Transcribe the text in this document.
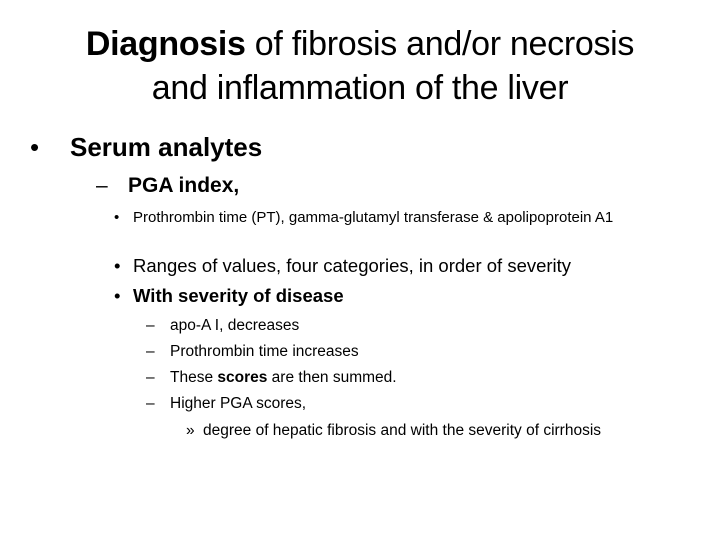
Diagnosis of fibrosis and/or necrosis
and inflammation of the liver
• Serum analytes
– PGA index,
• Prothrombin time (PT), gamma-glutamyl transferase & apolipoprotein A1
• Ranges of values, four categories, in order of severity
• With severity of disease
– apo-A I, decreases
– Prothrombin time increases
– These scores are then summed.
– Higher PGA scores,
» degree of hepatic fibrosis and with the severity of cirrhosis
